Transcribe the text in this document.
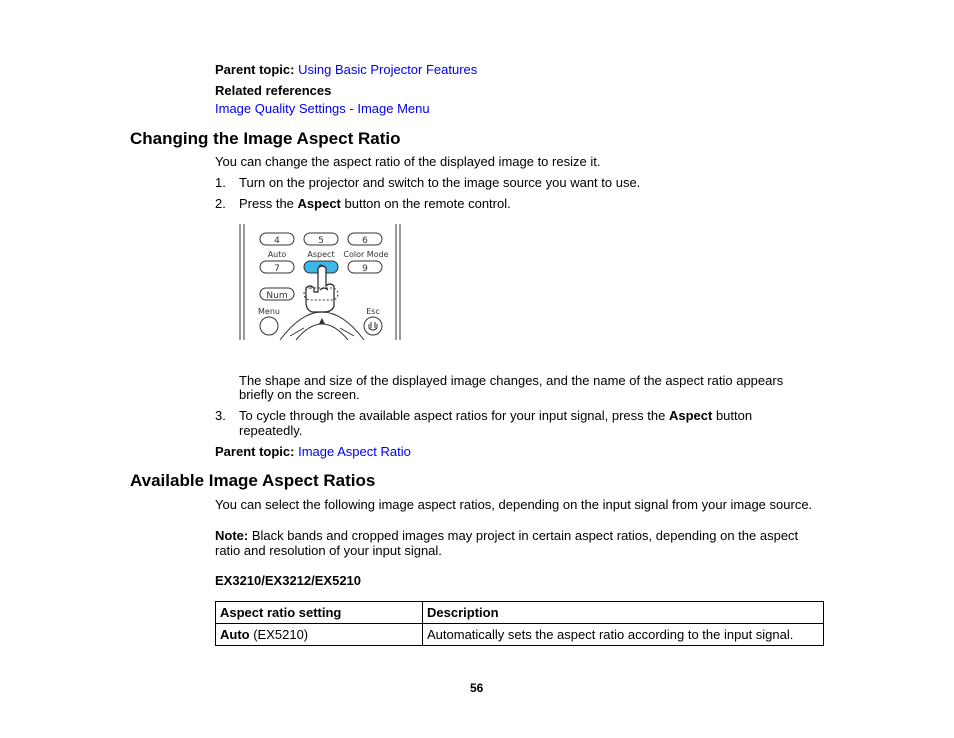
Parent topic: Using Basic Projector Features
Related references
Image Quality Settings - Image Menu
Changing the Image Aspect Ratio
You can change the aspect ratio of the displayed image to resize it.
1. Turn on the projector and switch to the image source you want to use.
2. Press the Aspect button on the remote control.
4	5	6
Auto	Aspect Color Mode
7	9
Num
Menu	Esc
▲
The shape and size of the displayed image changes, and the name of the aspect ratio appears
briefly on the screen.
3. To cycle through the available aspect ratios for your input signal, press the Aspect button
repeatedly.
Parent topic: Image Aspect Ratio
Available Image Aspect Ratios
You can select the following image aspect ratios, depending on the input signal from your image source.
Note: Black bands and cropped images may project in certain aspect ratios, depending on the aspect
ratio and resolution of your input signal.
EX3210/EX3212/EX5210
Aspect ratio setting	Description
Auto (EX5210)	Automatically sets the aspect ratio according to the input signal.
56
